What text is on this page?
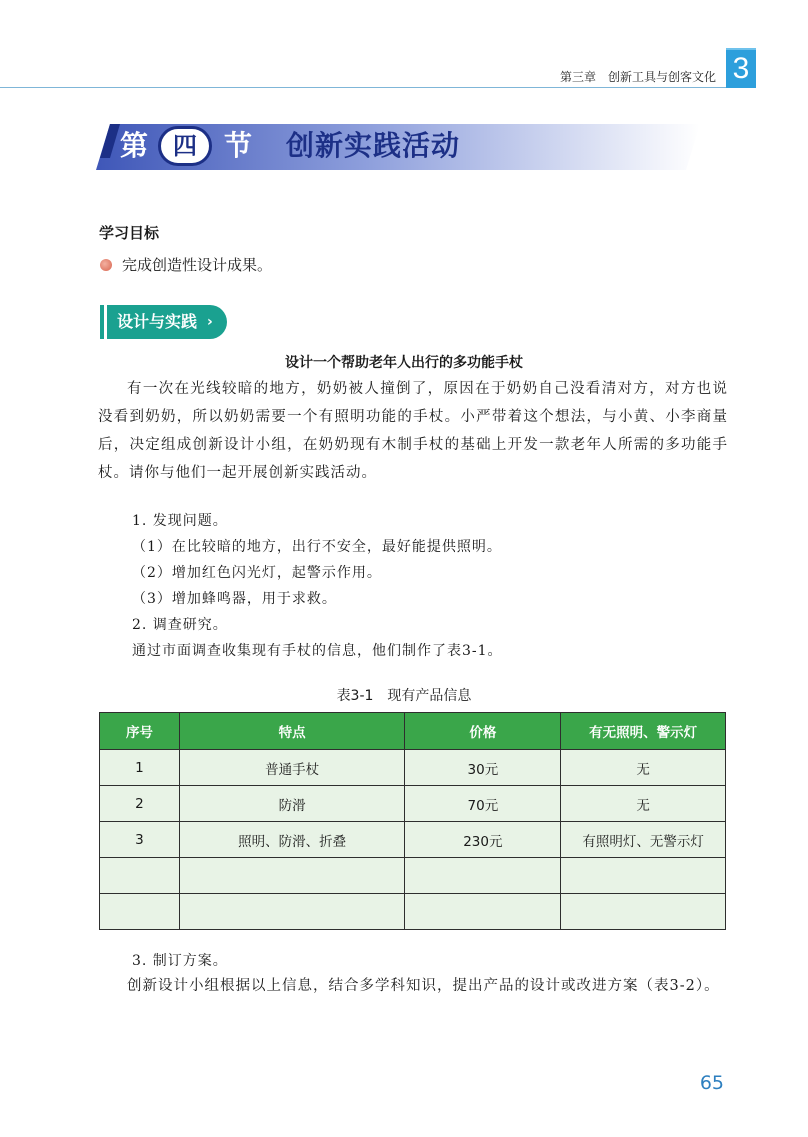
第三章　创新工具与创客文化 3
第	四 节 创新实践活动
学习目标
完成创造性设计成果。
设计与实践 ›
设计一个帮助老年人出行的多功能手杖

有一次在光线较暗的地方，奶奶被人撞倒了，原因在于奶奶自己没看清对方，对方也说没看到奶奶，所以奶奶需要一个有照明功能的手杖。小严带着这个想法，与小黄、小李商量后，决定组成创新设计小组，在奶奶现有木制手杖的基础上开发一款老年人所需的多功能手杖。请你与他们一起开展创新实践活动。

1. 发现问题。
（1）在比较暗的地方，出行不安全，最好能提供照明。
（2）增加红色闪光灯，起警示作用。
（3）增加蜂鸣器，用于求救。
2. 调查研究。
通过市面调查收集现有手杖的信息，他们制作了表3-1。
表3-1　现有产品信息
序号	特点	价格	有无照明、警示灯
1	普通手杖	30元	无
2	防滑	70元	无
3	照明、防滑、折叠	230元	有照明灯、无警示灯

3. 制订方案。

创新设计小组根据以上信息，结合多学科知识，提出产品的设计或改进方案（表3-2）。

65
